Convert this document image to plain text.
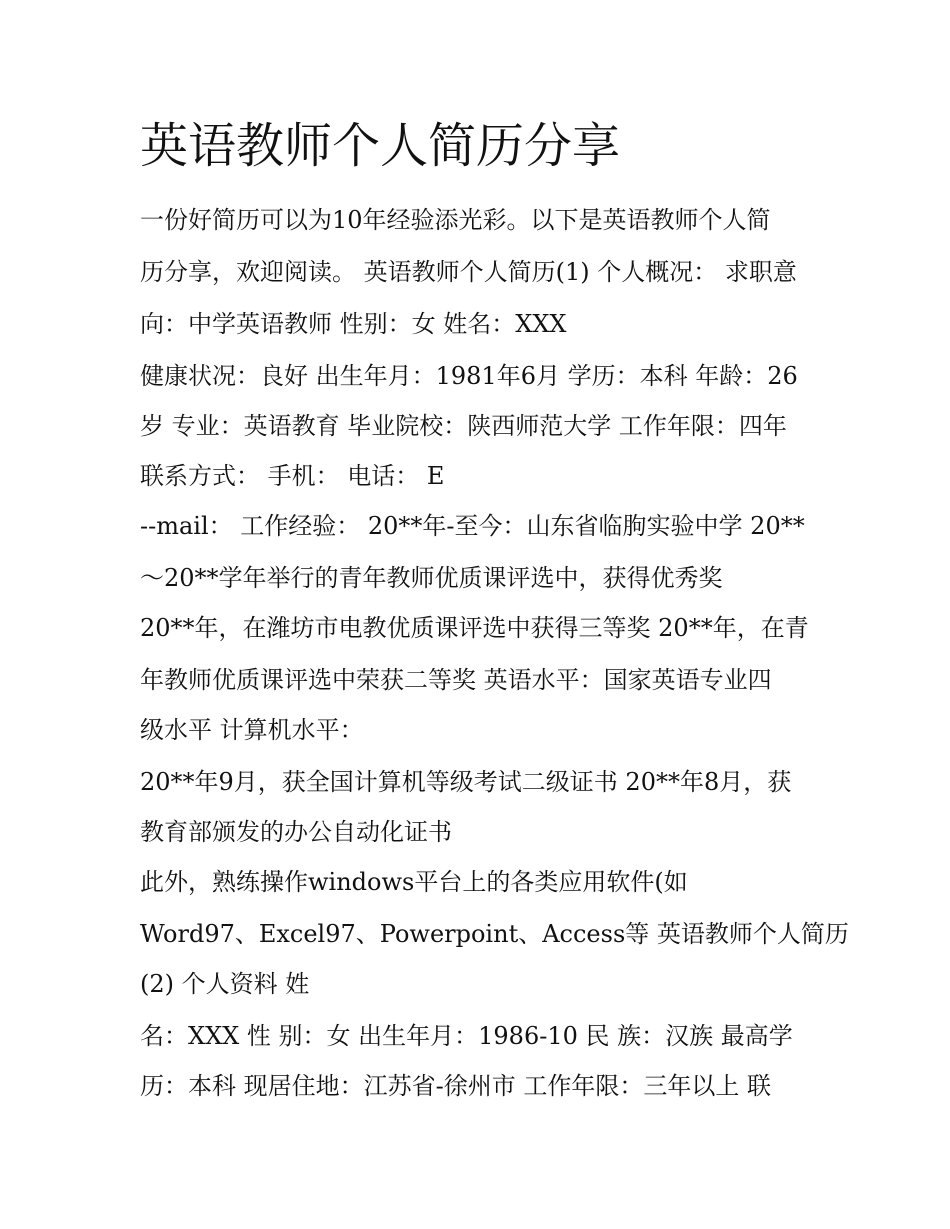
英语教师个人简历分享

一份好简历可以为10年经验添光彩。以下是英语教师个人简

历分享，欢迎阅读。 英语教师个人简历(1) 个人概况： 求职意

向：中学英语教师 性别：女 姓名：XXX

健康状况：良好 出生年月：1981年6月 学历：本科 年龄：26

岁 专业：英语教育 毕业院校：陕西师范大学 工作年限：四年

联系方式： 手机： 电话： E

--mail： 工作经验： 20**年-至今：山东省临朐实验中学 20**

～20**学年举行的青年教师优质课评选中，获得优秀奖

20**年，在潍坊市电教优质课评选中获得三等奖 20**年，在青

年教师优质课评选中荣获二等奖 英语水平：国家英语专业四

级水平 计算机水平：

20**年9月，获全国计算机等级考试二级证书 20**年8月，获

教育部颁发的办公自动化证书

此外，熟练操作windows平台上的各类应用软件(如

Word97、Excel97、Powerpoint、Access等 英语教师个人简历

(2) 个人资料 姓

名：XXX 性 别：女 出生年月：1986-10 民 族：汉族 最高学

历：本科 现居住地：江苏省-徐州市 工作年限：三年以上 联
